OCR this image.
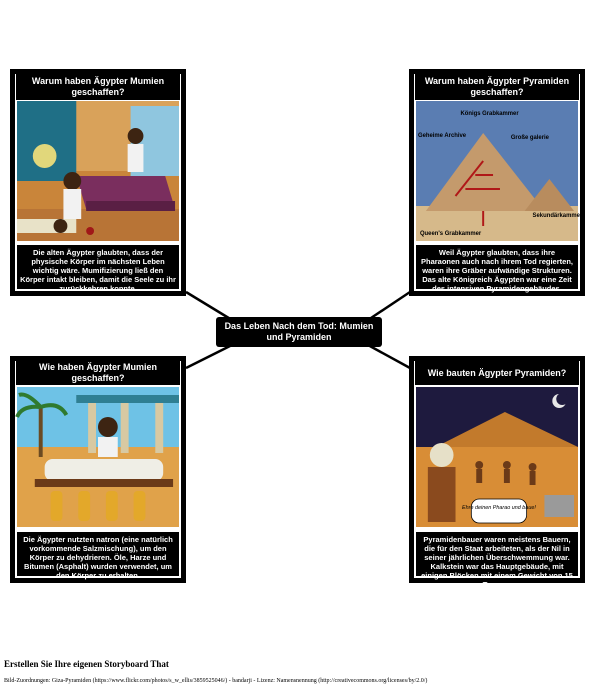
Warum haben Ägypter Mumien geschaffen?
Die alten Ägypter glaubten, dass der physische Körper im nächsten Leben wichtig wäre. Mumifizierung ließ den Körper intakt bleiben, damit die Seele zu ihr zurückkehren konnte.
Warum haben Ägypter Pyramiden geschaffen?
Königs Grabkammer
Geheime Archive	Große galerie
Sekundärkammer
Queen's Grabkammer
Weil Ägypter glaubten, dass ihre Pharaonen auch nach ihrem Tod regierten, waren ihre Gräber aufwändige Strukturen. Das alte Königreich Ägypten war eine Zeit des intensiven Pyramidengebäudes.
Das Leben Nach dem Tod: Mumien und Pyramiden
Wie haben Ägypter Mumien geschaffen?
Die Ägypter nutzten natron (eine natürlich vorkommende Salzmischung), um den Körper zu dehydrieren. Öle, Harze und Bitumen (Asphalt) wurden verwendet, um den Körper zu erhalten.
Wie bauten Ägypter Pyramiden?
Ehre deinen Pharao und baue!
Pyramidenbauer waren meistens Bauern, die für den Staat arbeiteten, als der Nil in seiner jährlichen Überschwemmung war. Kalkstein war das Hauptgebäude, mit einigen Blöcken mit einem Gewicht von 15 Tonnen.
Erstellen Sie Ihre eigenen Storyboard That
Bild-Zuordnungen: Giza-Pyramiden (https://www.flickr.com/photos/s_w_ellis/3859525046/) - bandarji - Lizenz: Namensnennung (http://creativecommons.org/licenses/by/2.0/)
